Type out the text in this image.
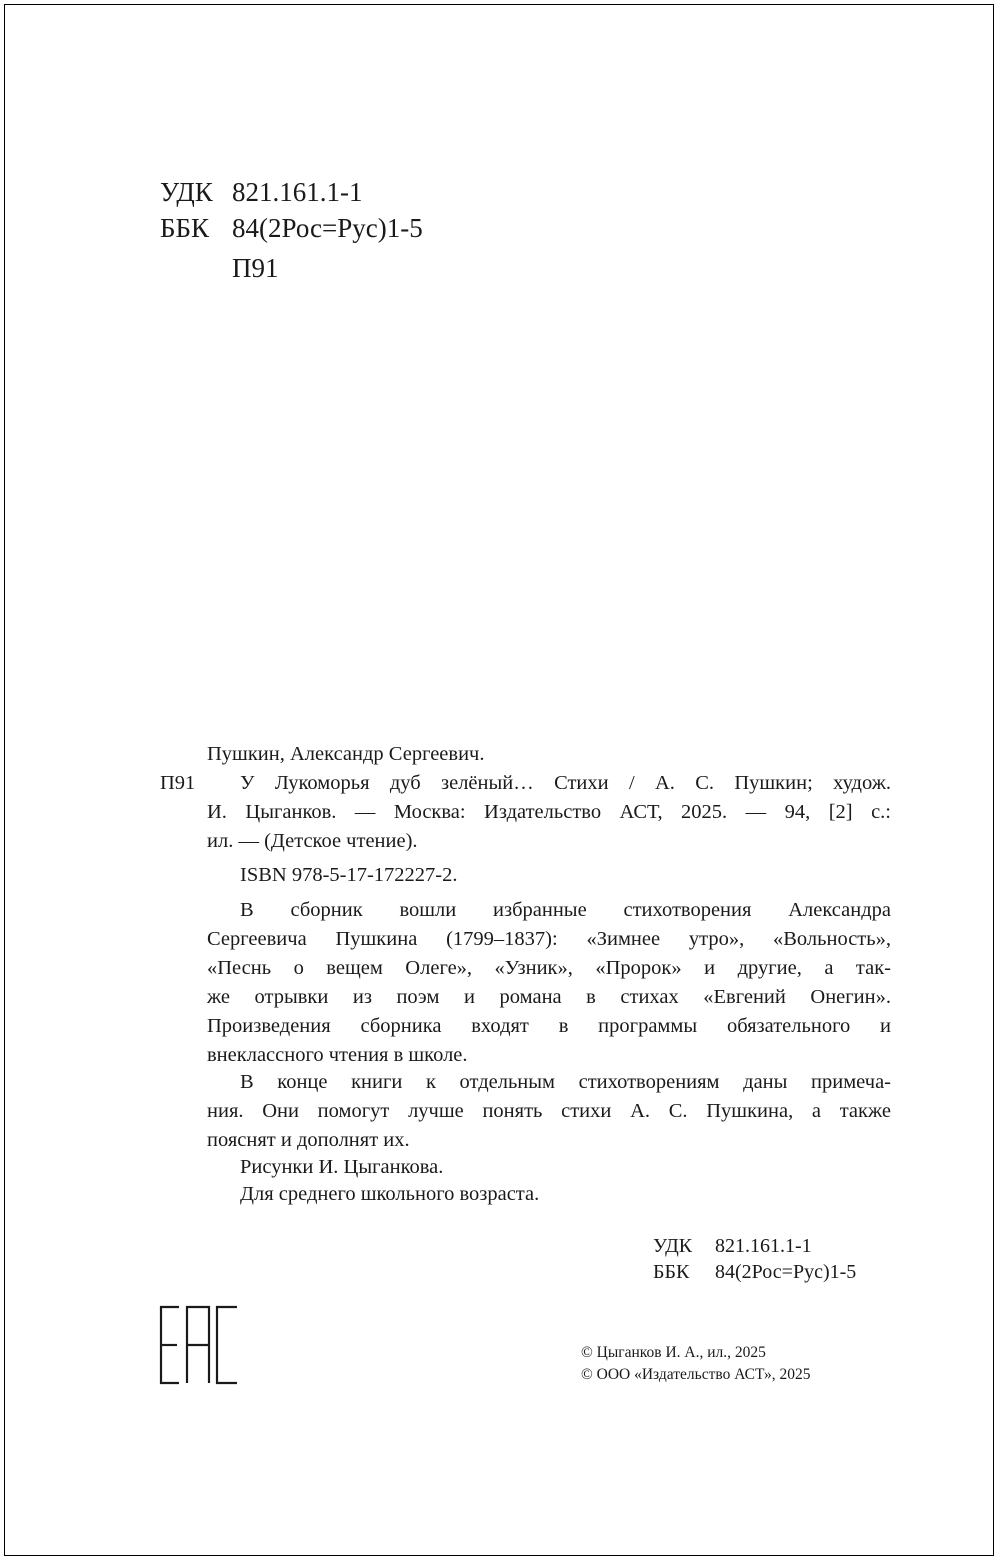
УДК 821.161.1-1
ББК 84(2Рос=Рус)1-5
П91
Пушкин, Александр Сергеевич.
П91 У Лукоморья дуб зелёный… Стихи / А. С. Пушкин; худож.
И. Цыганков. — Москва: Издательство АСТ, 2025. — 94, [2] с.:
ил. — (Детское чтение).
ISBN 978-5-17-172227-2.
В сборник вошли избранные стихотворения Александра
Сергеевича Пушкина (1799–1837): «Зимнее утро», «Вольность»,
«Песнь о вещем Олеге», «Узник», «Пророк» и другие, а так-
же отрывки из поэм и романа в стихах «Евгений Онегин».
Произведения сборника входят в программы обязательного и
внеклассного чтения в школе.
В конце книги к отдельным стихотворениям даны примеча-
ния. Они помогут лучше понять стихи А. С. Пушкина, а также
пояснят и дополнят их.
Рисунки И. Цыганкова.
Для среднего школьного возраста.
УДК 821.161.1-1
ББК 84(2Рос=Рус)1-5
© Цыганков И. А., ил., 2025
© ООО «Издательство АСТ», 2025
